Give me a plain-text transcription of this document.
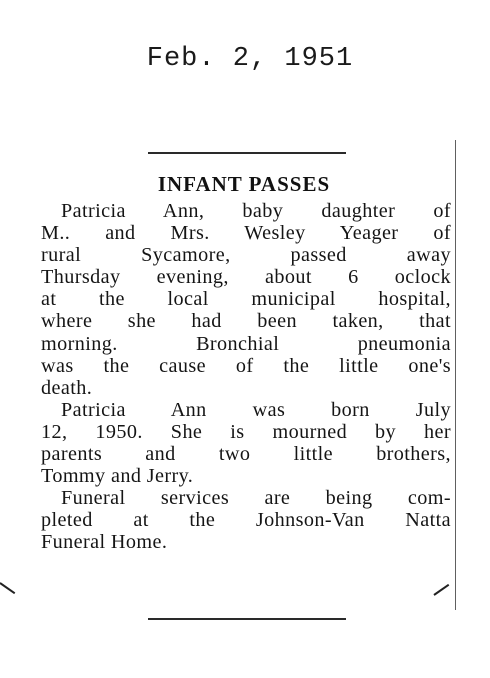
Feb. 2, 1951
INFANT PASSES
Patricia Ann, baby daughter of
M.. and Mrs. Wesley Yeager of
rural Sycamore, passed away
Thursday evening, about 6 oclock
at the local municipal hospital,
where she had been taken, that
morning. Bronchial pneumonia
was the cause of the little one's
death.
Patricia Ann was born July
12, 1950. She is mourned by her
parents and two little brothers,
Tommy and Jerry.
Funeral services are being com-
pleted at the Johnson-Van Natta
Funeral Home.
